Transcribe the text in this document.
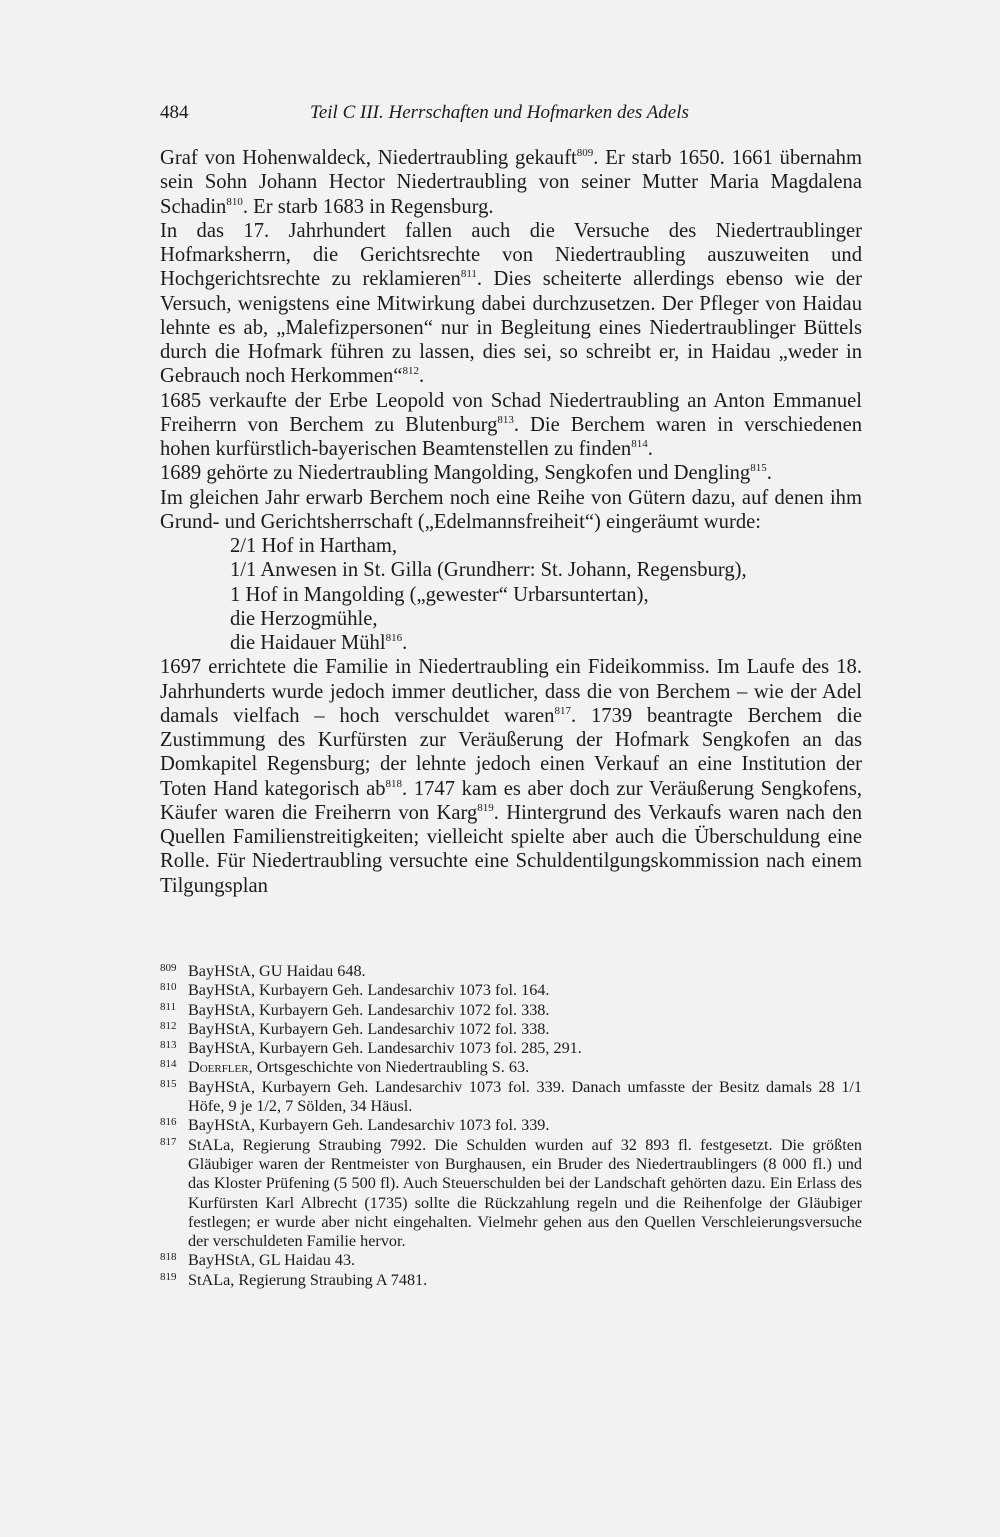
484	Teil C III. Herrschaften und Hofmarken des Adels

Graf von Hohenwaldeck, Niedertraubling gekauft$^{809}$. Er starb 1650. 1661 übernahm sein Sohn Johann Hector Niedertraubling von seiner Mutter Maria Magdalena Schadin$^{810}$. Er starb 1683 in Regensburg.

In das 17. Jahrhundert fallen auch die Versuche des Niedertraublinger Hofmarksherrn, die Gerichtsrechte von Niedertraubling auszuweiten und Hochgerichtsrechte zu reklamieren$^{811}$. Dies scheiterte allerdings ebenso wie der Versuch, wenigstens eine Mitwirkung dabei durchzusetzen. Der Pfleger von Haidau lehnte es ab, „Malefizpersonen“ nur in Begleitung eines Niedertraublinger Büttels durch die Hofmark führen zu lassen, dies sei, so schreibt er, in Haidau „weder in Gebrauch noch Herkommen“$^{812}$.

1685 verkaufte der Erbe Leopold von Schad Niedertraubling an Anton Emmanuel Freiherrn von Berchem zu Blutenburg$^{813}$. Die Berchem waren in verschiedenen hohen kurfürstlich-bayerischen Beamtenstellen zu finden$^{814}$.

1689 gehörte zu Niedertraubling Mangolding, Sengkofen und Dengling$^{815}$.

Im gleichen Jahr erwarb Berchem noch eine Reihe von Gütern dazu, auf denen ihm Grund- und Gerichtsherrschaft („Edelmannsfreiheit“) eingeräumt wurde:

2/1 Hof in Hartham,

1/1 Anwesen in St. Gilla (Grundherr: St. Johann, Regensburg),

1 Hof in Mangolding („gewester“ Urbarsuntertan),

die Herzogmühle,

die Haidauer Mühl$^{816}$.

1697 errichtete die Familie in Niedertraubling ein Fideikommiss. Im Laufe des 18. Jahrhunderts wurde jedoch immer deutlicher, dass die von Berchem – wie der Adel damals vielfach – hoch verschuldet waren$^{817}$. 1739 beantragte Berchem die Zustimmung des Kurfürsten zur Veräußerung der Hofmark Sengkofen an das Domkapitel Regensburg; der lehnte jedoch einen Verkauf an eine Institution der Toten Hand kategorisch $ab^{818}$. 1747 kam es aber doch zur Veräußerung Sengkofens, Käufer waren die Freiherrn von Karg$^{819}$. Hintergrund des Verkaufs waren nach den Quellen Familienstreitigkeiten; vielleicht spielte aber auch die Überschuldung eine Rolle. Für Niedertraubling versuchte eine Schuldentilgungskommission nach einem Tilgungsplan

809 BayHStA, GU Haidau 648.

810 BayHStA, Kurbayern Geh. Landesarchiv 1073 fol. 164.

811 BayHStA, Kurbayern Geh. Landesarchiv 1072 fol. 338.

812 BayHStA, Kurbayern Geh. Landesarchiv 1072 fol. 338.

813 BayHStA, Kurbayern Geh. Landesarchiv 1073 fol. 285, 291.

814 Doerfler, Ortsgeschichte von Niedertraubling S. 63.

815 BayHStA, Kurbayern Geh. Landesarchiv 1073 fol. 339. Danach umfasste der Besitz damals 28 1/1 Höfe, 9 je 1/2, 7 Sölden, 34 Häusl.

816 BayHStA, Kurbayern Geh. Landesarchiv 1073 fol. 339.

817 StALa, Regierung Straubing 7992. Die Schulden wurden auf 32 893 fl. festgesetzt. Die größten Gläubiger waren der Rentmeister von Burghausen, ein Bruder des Niedertraublingers (8 000 fl.) und das Kloster Prüfening (5 500 fl). Auch Steuerschulden bei der Landschaft gehörten dazu. Ein Erlass des Kurfürsten Karl Albrecht (1735) sollte die Rückzahlung regeln und die Reihenfolge der Gläubiger festlegen; er wurde aber nicht eingehalten. Vielmehr gehen aus den Quellen Verschleierungsversuche der verschuldeten Familie hervor.

818 BayHStA, GL Haidau 43.

819 StALa, Regierung Straubing A 7481.
